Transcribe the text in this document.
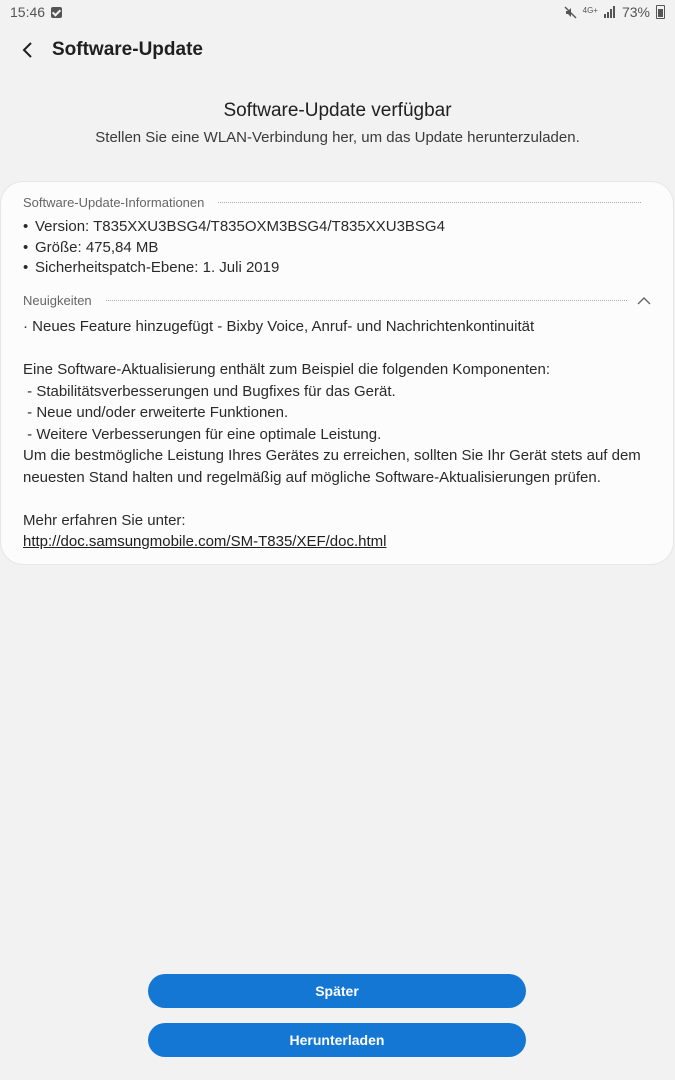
15:46	4G+ 73%
Software-Update
Software-Update verfügbar
Stellen Sie eine WLAN-Verbindung her, um das Update herunterzuladen.
Software-Update-Informationen
• Version: T835XXU3BSG4/T835OXM3BSG4/T835XXU3BSG4
• Größe: 475,84 MB
• Sicherheitspatch-Ebene: 1. Juli 2019
Neuigkeiten

· Neues Feature hinzugefügt - Bixby Voice, Anruf- und Nachrichtenkontinuität

Eine Software-Aktualisierung enthält zum Beispiel die folgenden Komponenten:

- Stabilitätsverbesserungen und Bugfixes für das Gerät.

- Neue und/oder erweiterte Funktionen.

- Weitere Verbesserungen für eine optimale Leistung.

Um die bestmögliche Leistung Ihres Gerätes zu erreichen, sollten Sie Ihr Gerät stets auf dem neuesten Stand halten und regelmäßig auf mögliche Software-Aktualisierungen prüfen.

Mehr erfahren Sie unter:

http://doc.samsungmobile.com/SM-T835/XEF/doc.html

Später
Herunterladen
